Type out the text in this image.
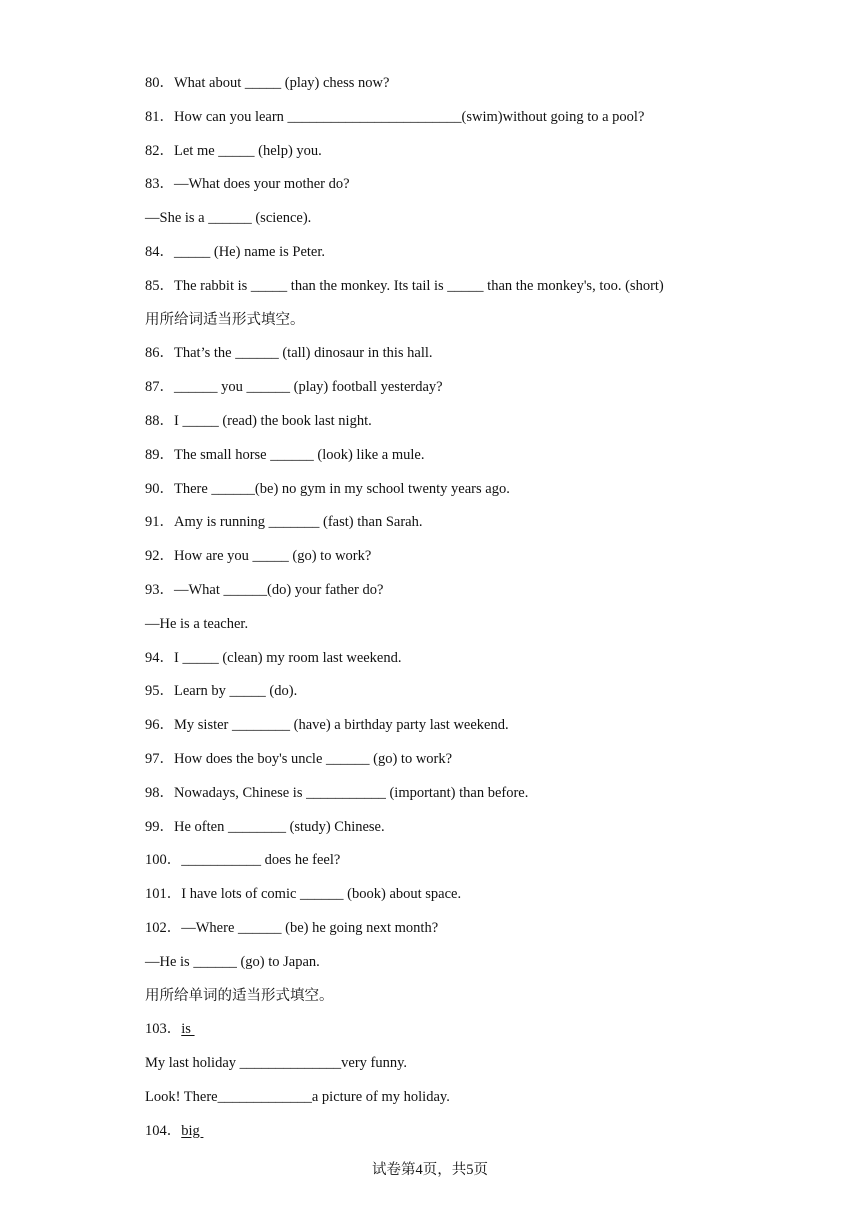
80．What about _____ (play) chess now?
81．How can you learn ________________________(swim)without going to a pool?
82．Let me _____ (help) you.
83．—What does your mother do?
—She is a ______ (science).
84．_____ (He) name is Peter.
85．The rabbit is _____ than the monkey. Its tail is _____ than the monkey's, too. (short)
用所给词适当形式填空。
86．That’s the ______ (tall) dinosaur in this hall.
87．______ you ______ (play) football yesterday?
88．I _____ (read) the book last night.
89．The small horse ______ (look) like a mule.
90．There ______(be) no gym in my school twenty years ago.
91．Amy is running _______ (fast) than Sarah.
92．How are you _____ (go) to work?
93．—What ______(do) your father do?
—He is a teacher.
94．I _____ (clean) my room last weekend.
95．Learn by _____ (do).
96．My sister ________ (have) a birthday party last weekend.
97．How does the boy's uncle ______ (go) to work?
98．Nowadays, Chinese is ___________ (important) than before.
99．He often ________ (study) Chinese.
100．___________ does he feel?
101．I have lots of comic ______ (book) about space.
102．—Where ______ (be) he going next month?
—He is ______ (go) to Japan.
用所给单词的适当形式填空。
103．is
My last holiday ______________very funny.
Look! There_____________a picture of my holiday.
104．big
试卷第4页，共5页
